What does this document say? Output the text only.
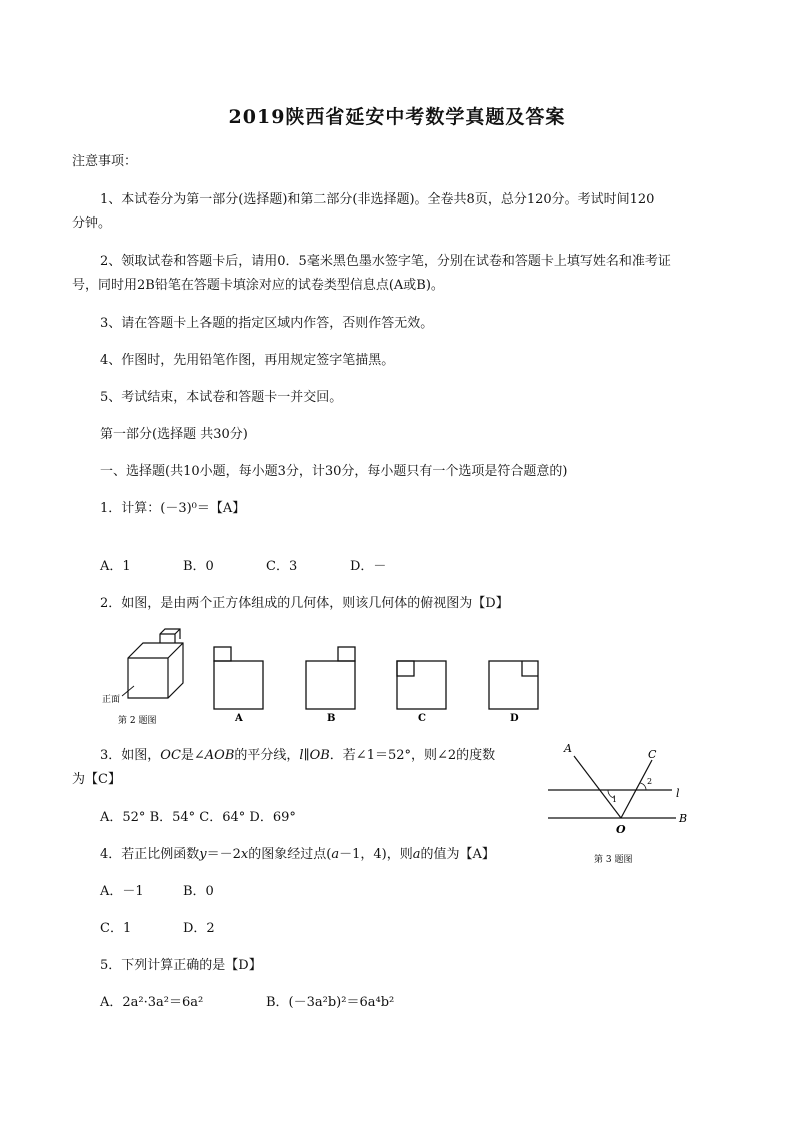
2019陕西省延安中考数学真题及答案
注意事项：
1、本试卷分为第一部分(选择题)和第二部分(非选择题)。全卷共8页，总分120分。考试时间120
分钟。
2、领取试卷和答题卡后，请用0．5毫米黑色墨水签字笔，分别在试卷和答题卡上填写姓名和准考证
号，同时用2B铅笔在答题卡填涂对应的试卷类型信息点(A或B)。
3、请在答题卡上各题的指定区域内作答，否则作答无效。
4、作图时，先用铅笔作图，再用规定签字笔描黑。
5、考试结束，本试卷和答题卡一并交回。
第一部分(选择题 共30分)
一、选择题(共10小题，每小题3分，计30分，每小题只有一个选项是符合题意的)
1．计算：(－3)⁰＝【A】
A．1	B．0	C．3	D．－
2．如图，是由两个正方体组成的几何体，则该几何体的俯视图为【D】
正面
第 2 题图	A	B	C	D
3．如图，OC是∠AOB的平分线，l∥OB．若∠1＝52°，则∠2的度数
为【C】
A．52° B．54° C．64° D．69°
A	C
l
O
B
1
2
第 3 题图
4．若正比例函数y＝－2x的图象经过点(a－1，4)，则a的值为【A】
A．－1	B．0
C．1	D．2
5．下列计算正确的是【D】
A．2a²·3a²＝6a²	B．(－3a²b)²＝6a⁴b²
